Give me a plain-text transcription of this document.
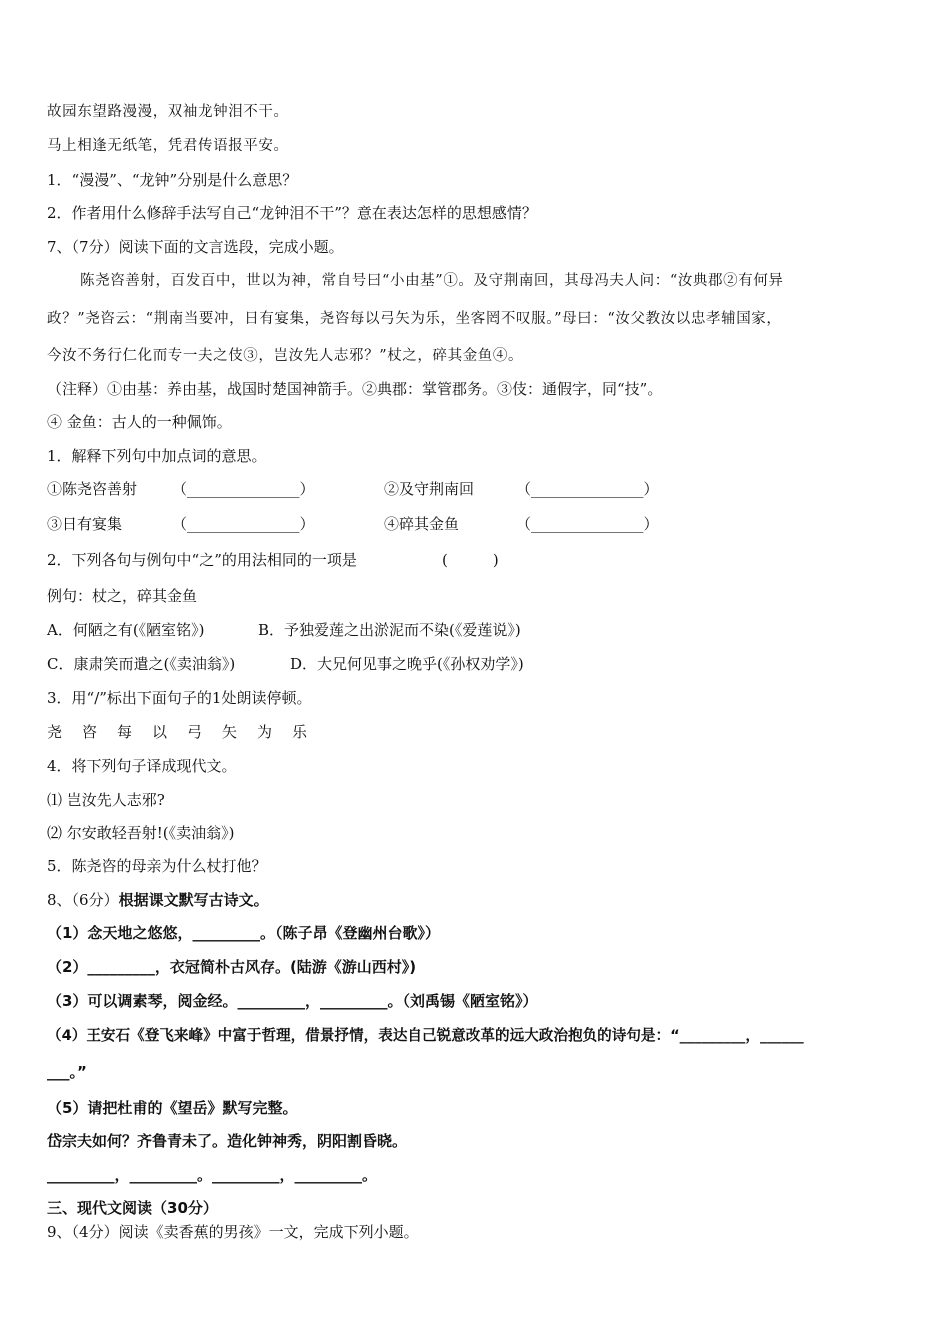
故园东望路漫漫，双袖龙钟泪不干。
马上相逢无纸笔，凭君传语报平安。
1．“漫漫”、“龙钟”分别是什么意思？
2．作者用什么修辞手法写自己“龙钟泪不干”？意在表达怎样的思想感情？
7、（7分）阅读下面的文言选段，完成小题。
陈尧咨善射，百发百中，世以为神，常自号曰“小由基”①。及守荆南回，其母冯夫人问：“汝典郡②有何异
政？”尧咨云：“荆南当要冲，日有宴集，尧咨每以弓矢为乐，坐客罔不叹服。”母曰：“汝父教汝以忠孝辅国家，
今汝不务行仁化而专一夫之伎③，岂汝先人志邪？”杖之，碎其金鱼④。
（注释）①由基：养由基，战国时楚国神箭手。②典郡：掌管郡务。③伎：通假字，同“技”。
④ 金鱼：古人的一种佩饰。
1．解释下列句中加点词的意思。
①陈尧咨善射 （_______________）	②及守荆南回	（_______________）
③日有宴集	（_______________）	④碎其金鱼	（_______________）
2．下列各句与例句中“之”的用法相同的一项是	(　　　)
例句：杖之，碎其金鱼
A．何陋之有(《陋室铭》)	B．予独爱莲之出淤泥而不染(《爱莲说》)
C．康肃笑而遣之(《卖油翁》)	D．大兄何见事之晚乎(《孙权劝学》)
3．用“/”标出下面句子的1处朗读停顿。
尧咨每以弓矢为乐
4．将下列句子译成现代文。
⑴ 岂汝先人志邪?
⑵ 尔安敢轻吾射!(《卖油翁》)
5．陈尧咨的母亲为什么杖打他？
8、（6分）根据课文默写古诗文。
（1）念天地之悠悠，_________。（陈子昂《登幽州台歌》）
（2）_________，衣冠简朴古风存。(陆游《游山西村》)
（3）可以调素琴，阅金经。_________，_________。（刘禹锡《陋室铭》）
（4）王安石《登飞来峰》中富于哲理，借景抒情，表达自己锐意改革的远大政治抱负的诗句是：“_________，______
___。”
（5）请把杜甫的《望岳》默写完整。
岱宗夫如何？齐鲁青未了。造化钟神秀，阴阳割昏晓。
_________，_________。_________，_________。
三、现代文阅读（30分）
9、（4分）阅读《卖香蕉的男孩》一文，完成下列小题。
